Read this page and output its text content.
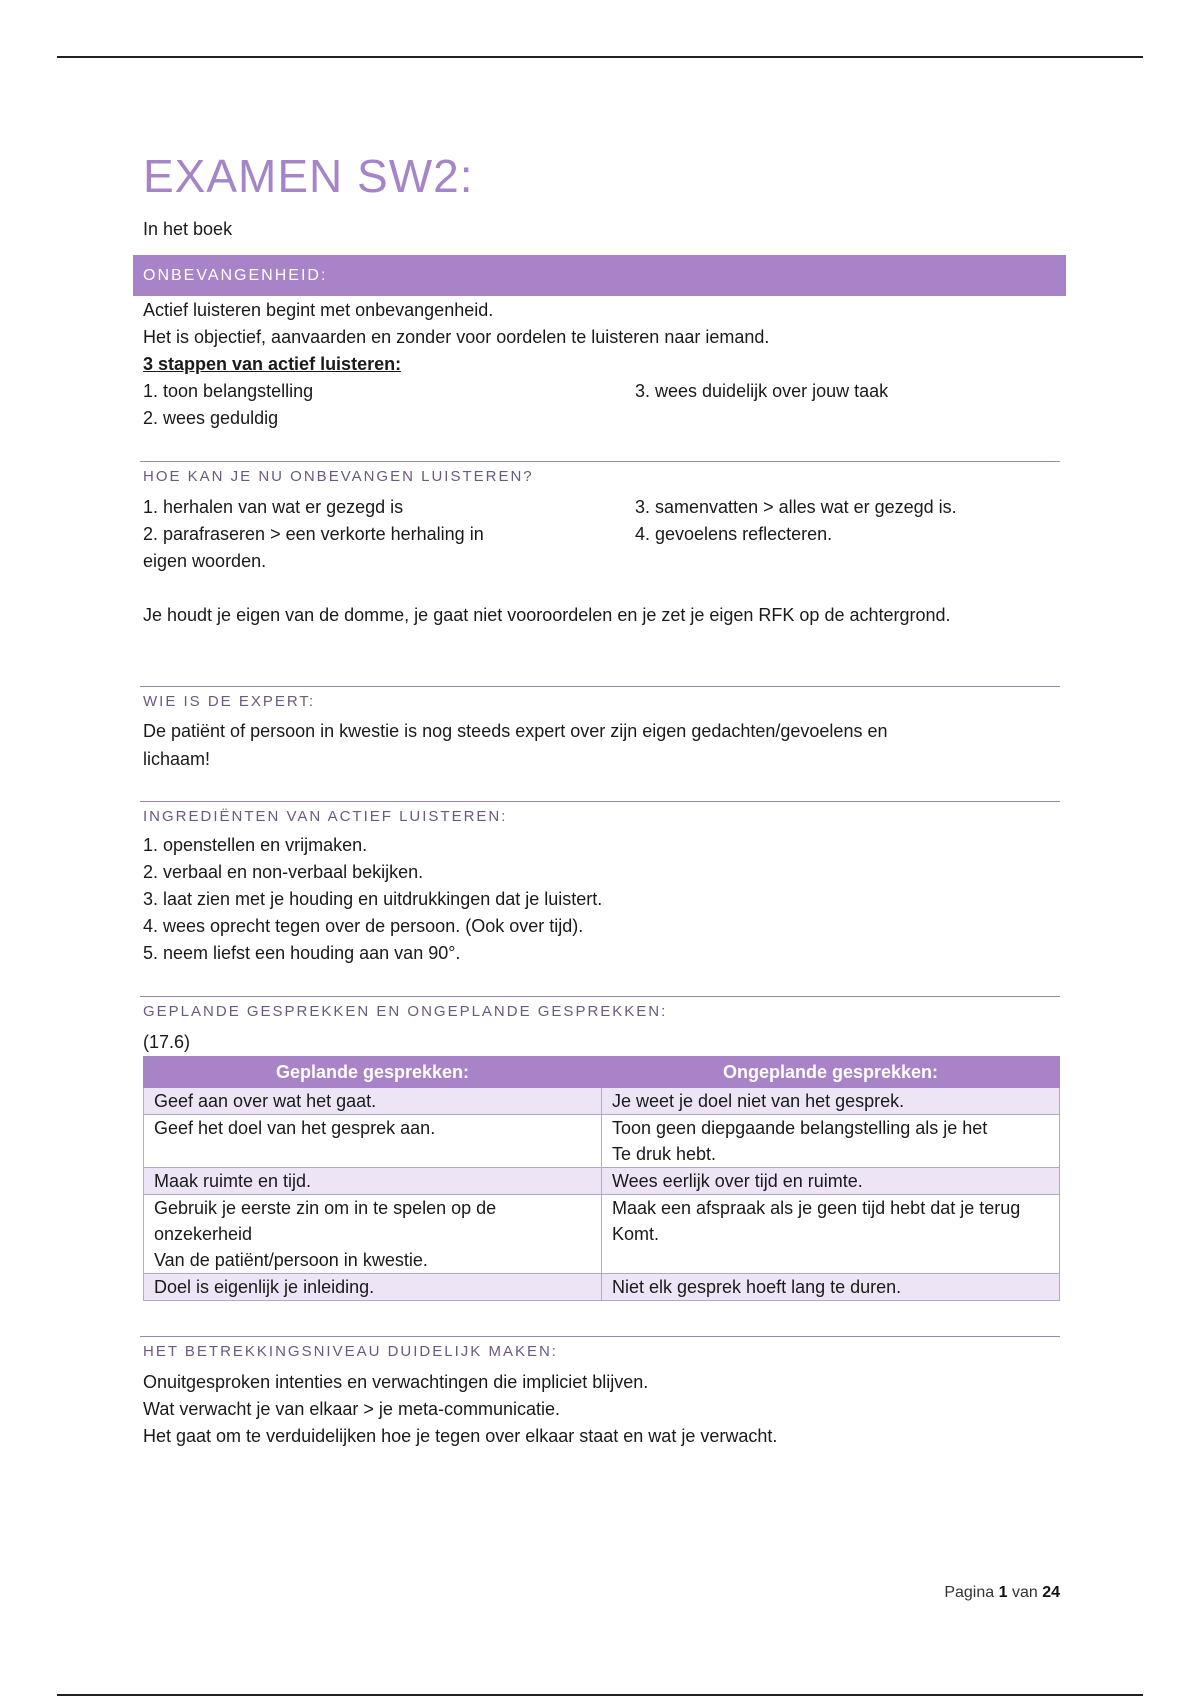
EXAMEN SW2:
In het boek
ONBEVANGENHEID:
Actief luisteren begint met onbevangenheid.
Het is objectief, aanvaarden en zonder voor oordelen te luisteren naar iemand.
3 stappen van actief luisteren:
1. toon belangstelling
2. wees geduldig
3. wees duidelijk over jouw taak
HOE KAN JE NU ONBEVANGEN LUISTEREN?
1. herhalen van wat er gezegd is
2. parafraseren > een verkorte herhaling in
eigen woorden.
3. samenvatten > alles wat er gezegd is.
4. gevoelens reflecteren.
Je houdt je eigen van de domme, je gaat niet vooroordelen en je zet je eigen RFK op de achtergrond.
WIE IS DE EXPERT:
De patiënt of persoon in kwestie is nog steeds expert over zijn eigen gedachten/gevoelens en
lichaam!
INGREDIËNTEN VAN ACTIEF LUISTEREN:
1. openstellen en vrijmaken.
2. verbaal en non-verbaal bekijken.
3. laat zien met je houding en uitdrukkingen dat je luistert.
4. wees oprecht tegen over de persoon. (Ook over tijd).
5. neem liefst een houding aan van 90°.
GEPLANDE GESPREKKEN EN ONGEPLANDE GESPREKKEN:
(17.6)
Geplande gesprekken:	Ongeplande gesprekken:
Geef aan over wat het gaat.	Je weet je doel niet van het gesprek.
Geef het doel van het gesprek aan.	Toon geen diepgaande belangstelling als je het
Te druk hebt.
Maak ruimte en tijd.	Wees eerlijk over tijd en ruimte.
Gebruik je eerste zin om in te spelen op de
onzekerheid
Van de patiënt/persoon in kwestie.	Maak een afspraak als je geen tijd hebt dat je terug
Komt.
Doel is eigenlijk je inleiding.	Niet elk gesprek hoeft lang te duren.
HET BETREKKINGSNIVEAU DUIDELIJK MAKEN:
Onuitgesproken intenties en verwachtingen die impliciet blijven.
Wat verwacht je van elkaar > je meta-communicatie.
Het gaat om te verduidelijken hoe je tegen over elkaar staat en wat je verwacht.
Pagina 1 van 24
